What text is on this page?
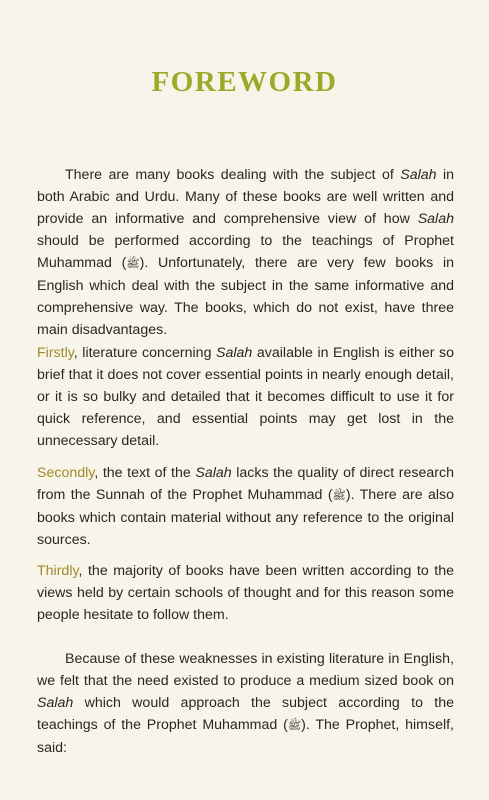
FOREWORD

There are many books dealing with the subject of Salah in both Arabic and Urdu. Many of these books are well written and provide an informative and comprehensive view of how Salah should be performed according to the teachings of Prophet Muhammad (ﷺ). Unfortunately, there are very few books in English which deal with the subject in the same informative and comprehensive way. The books, which do not exist, have three main disadvantages.

Firstly, literature concerning Salah available in English is either so brief that it does not cover essential points in nearly enough detail, or it is so bulky and detailed that it becomes difficult to use it for quick reference, and essential points may get lost in the unnecessary detail.

Secondly, the text of the Salah lacks the quality of direct research from the Sunnah of the Prophet Muhammad (ﷺ). There are also books which contain material without any reference to the original sources.

Thirdly, the majority of books have been written according to the views held by certain schools of thought and for this reason some people hesitate to follow them.

Because of these weaknesses in existing literature in English, we felt that the need existed to produce a medium sized book on Salah which would approach the subject according to the teachings of the Prophet Muhammad (ﷺ). The Prophet, himself, said:
